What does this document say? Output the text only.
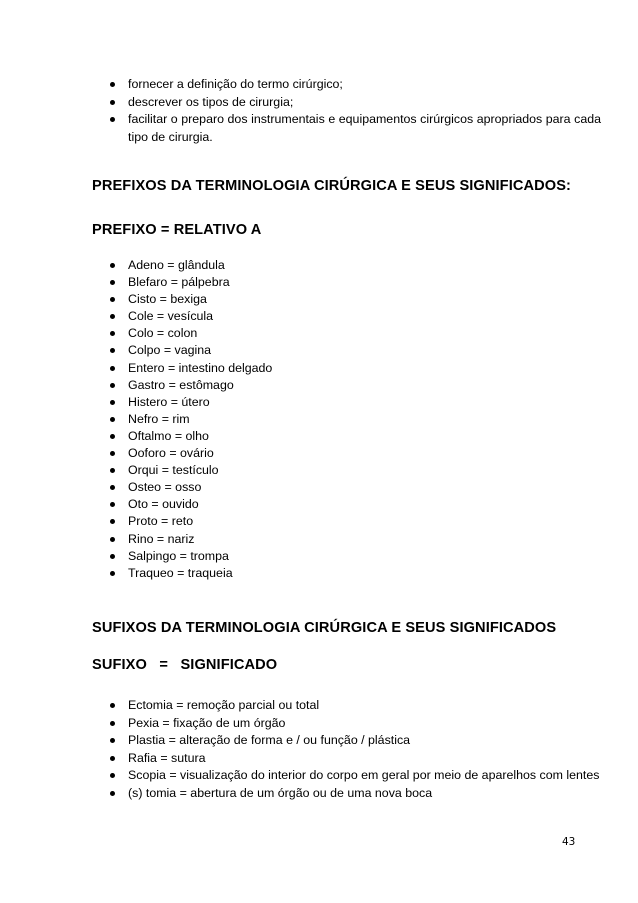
fornecer a definição do termo cirúrgico;
descrever os tipos de cirurgia;
facilitar o preparo dos instrumentais e equipamentos cirúrgicos apropriados para cada tipo de cirurgia.
PREFIXOS DA TERMINOLOGIA CIRÚRGICA E SEUS SIGNIFICADOS:
PREFIXO = RELATIVO A
Adeno = glândula
Blefaro = pálpebra
Cisto = bexiga
Cole = vesícula
Colo = colon
Colpo = vagina
Entero = intestino delgado
Gastro = estômago
Histero = útero
Nefro = rim
Oftalmo = olho
Ooforo = ovário
Orqui = testículo
Osteo = osso
Oto = ouvido
Proto = reto
Rino = nariz
Salpingo = trompa
Traqueo = traqueia
SUFIXOS DA TERMINOLOGIA CIRÚRGICA E SEUS SIGNIFICADOS
SUFIXO   =   SIGNIFICADO
Ectomia = remoção parcial ou total
Pexia = fixação de um órgão
Plastia = alteração de forma e / ou função / plástica
Rafia = sutura
Scopia = visualização do interior do corpo em geral por meio de aparelhos com lentes
(s) tomia = abertura de um órgão ou de uma nova boca
43
